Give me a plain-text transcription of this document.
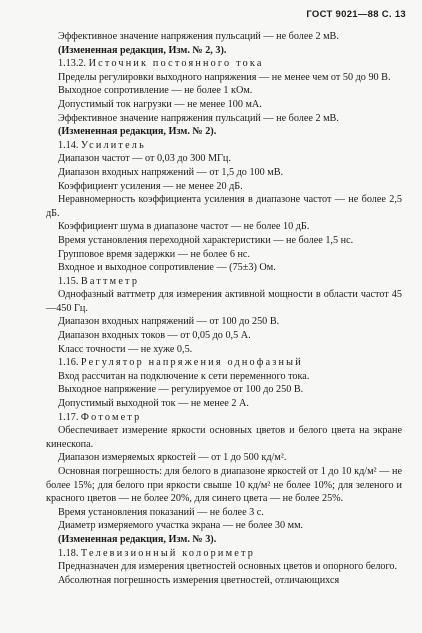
ГОСТ 9021—88 С. 13
Эффективное значение напряжения пульсаций — не более 2 мВ.
(Измененная редакция, Изм. № 2, 3).
1.13.2. Источник постоянного тока
Пределы регулировки выходного напряжения — не менее чем от 50 до 90 В.
Выходное сопротивление — не более 1 кОм.
Допустимый ток нагрузки — не менее 100 мА.
Эффективное значение напряжения пульсаций — не более 2 мВ.
(Измененная редакция, Изм. № 2).
1.14. Усилитель
Диапазон частот — от 0,03 до 300 МГц.
Диапазон входных напряжений — от 1,5 до 100 мВ.
Коэффициент усиления — не менее 20 дБ.
Неравномерность коэффициента усиления в диапазоне частот — не более 2,5 дБ.
Коэффициент шума в диапазоне частот — не более 10 дБ.
Время установления переходной характеристики — не более 1,5 нс.
Групповое время задержки — не более 6 нс.
Входное и выходное сопротивление — (75±3) Ом.
1.15. Ваттметр
Однофазный ваттметр для измерения активной мощности в области частот 45—450 Гц.
Диапазон входных напряжений — от 100 до 250 В.
Диапазон входных токов — от 0,05 до 0,5 А.
Класс точности — не хуже 0,5.
1.16. Регулятор напряжения однофазный
Вход рассчитан на подключение к сети переменного тока.
Выходное напряжение — регулируемое от 100 до 250 В.
Допустимый выходной ток — не менее 2 А.
1.17. Фотометр
Обеспечивает измерение яркости основных цветов и белого цвета на экране кинескопа.
Диапазон измеряемых яркостей — от 1 до 500 кд/м².
Основная погрешность: для белого в диапазоне яркостей от 1 до 10 кд/м² — не более 15%; для белого при яркости свыше 10 кд/м² не более 10%; для зеленого и красного цветов — не более 20%, для синего цвета — не более 25%.
Время установления показаний — не более 3 с.
Диаметр измеряемого участка экрана — не более 30 мм.
(Измененная редакция, Изм. № 3).
1.18. Телевизионный колориметр
Предназначен для измерения цветностей основных цветов и опорного белого.
Абсолютная погрешность измерения цветностей, отличающихся
